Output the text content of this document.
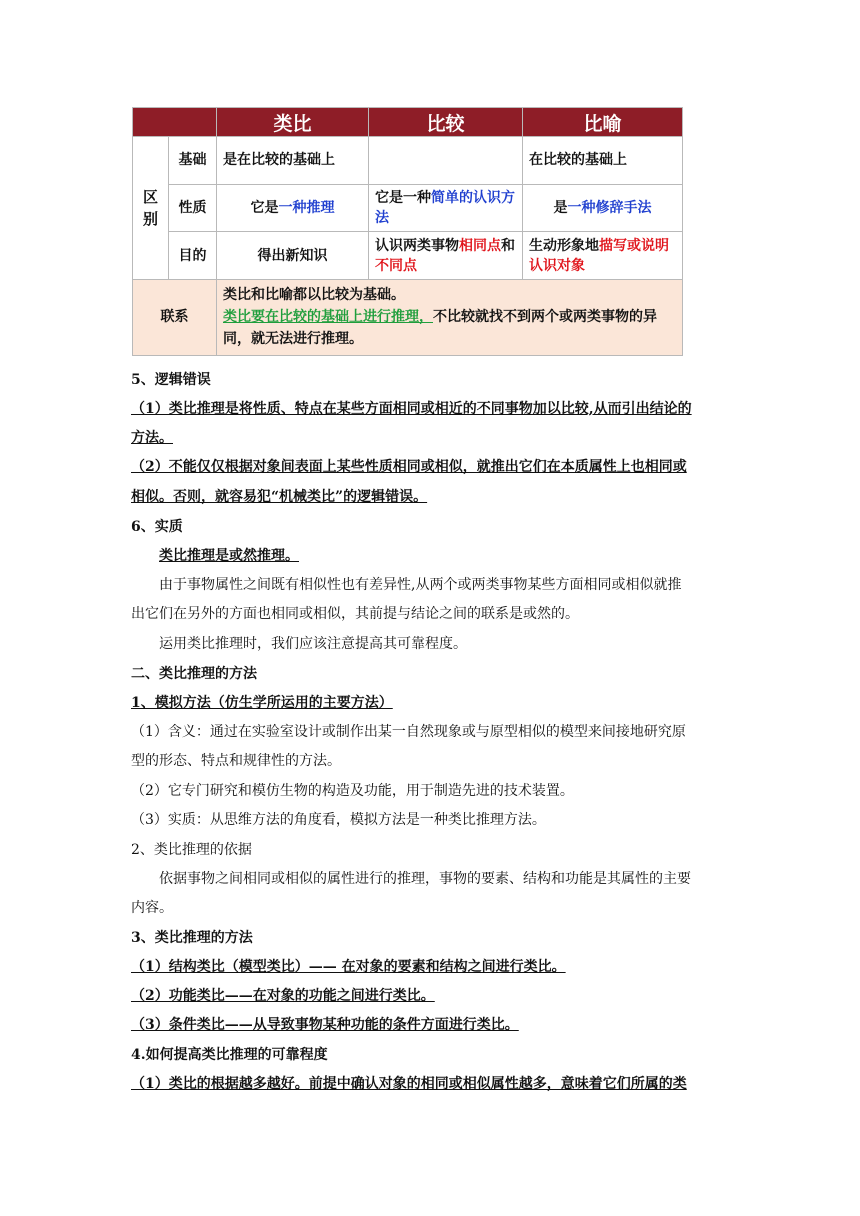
		类比	比较	比喻

区别	基础	是在比较的基础上		在比较的基础上
	性质	它是一种推理	它是一种简单的认识方法	是一种修辞手法
	目的	得出新知识	认识两类事物相同点和不同点	生动形象地描写或说明认识对象
联系		类比和比喻都以比较为基础。
类比要在比较的基础上进行推理，不比较就找不到两个或两类事物的异同，就无法进行推理。		

5、逻辑错误

（1）类比推理是将性质、特点在某些方面相同或相近的不同事物加以比较,从而引出结论的

方法。

（2）不能仅仅根据对象间表面上某些性质相同或相似，就推出它们在本质属性上也相同或

相似。否则，就容易犯“机械类比”的逻辑错误。

6、实质

类比推理是或然推理。

由于事物属性之间既有相似性也有差异性,从两个或两类事物某些方面相同或相似就推

出它们在另外的方面也相同或相似，其前提与结论之间的联系是或然的。

运用类比推理时，我们应该注意提高其可靠程度。

二、类比推理的方法

1、模拟方法（仿生学所运用的主要方法）

（1）含义：通过在实验室设计或制作出某一自然现象或与原型相似的模型来间接地研究原

型的形态、特点和规律性的方法。

（2）它专门研究和模仿生物的构造及功能，用于制造先进的技术装置。

（3）实质：从思维方法的角度看，模拟方法是一种类比推理方法。

2、类比推理的依据

依据事物之间相同或相似的属性进行的推理，事物的要素、结构和功能是其属性的主要

内容。

3、类比推理的方法

（1）结构类比（模型类比）—— 在对象的要素和结构之间进行类比。

（2）功能类比——在对象的功能之间进行类比。

（3）条件类比——从导致事物某种功能的条件方面进行类比。

4.如何提高类比推理的可靠程度

（1）类比的根据越多越好。前提中确认对象的相同或相似属性越多，意味着它们所属的类
